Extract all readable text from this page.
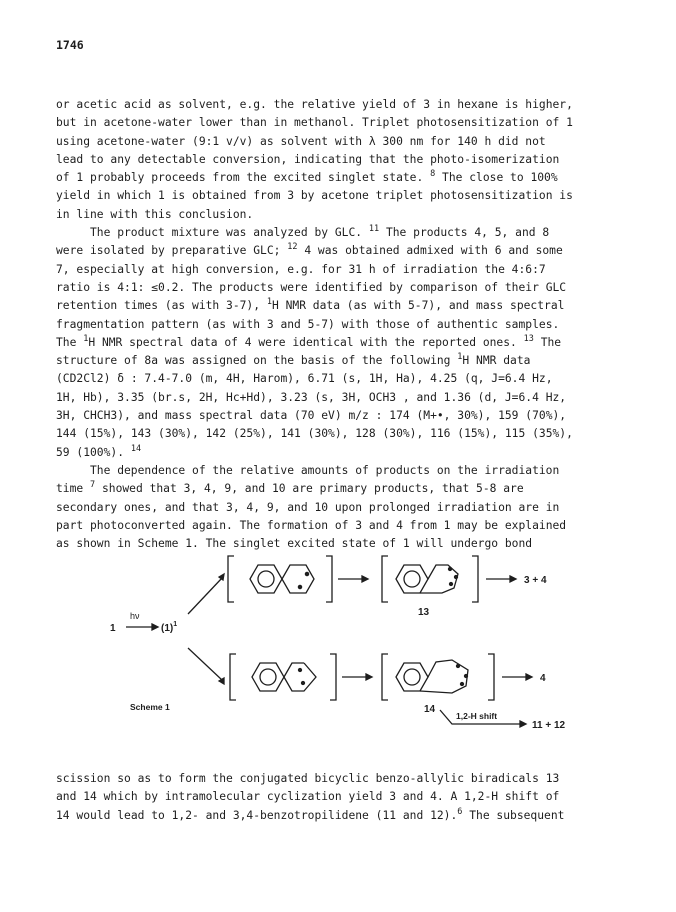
1746
or acetic acid as solvent, e.g. the relative yield of 3 in hexane is higher,
but in acetone-water lower than in methanol. Triplet photosensitization of 1
using acetone-water (9:1 v/v) as solvent with λ 300 nm for 140 h did not
lead to any detectable conversion, indicating that the photo-isomerization
of 1 probably proceeds from the excited singlet state. $^8$ The close to 100%
yield in which 1 is obtained from 3 by acetone triplet photosensitization is
in line with this conclusion.
The product mixture was analyzed by GLC. $^{11}$ The products 4, 5, and 8
were isolated by preparative GLC; $^{12}$ 4 was obtained admixed with 6 and some
7, especially at high conversion, e.g. for 31 h of irradiation the 4:6:7
ratio is 4:1: ≤0.2. The products were identified by comparison of their GLC
retention times (as with 3-7), $^1$H NMR data (as with 5-7), and mass spectral
fragmentation pattern (as with 3 and 5-7) with those of authentic samples.
The $^1$H NMR spectral data of 4 were identical with the reported ones. $^{13}$ The
structure of 8a was assigned on the basis of the following $^1$H NMR data
(CD2Cl2) δ : 7.4-7.0 (m, 4H, Harom), 6.71 (s, 1H, Ha), 4.25 (q, J=6.4 Hz,
1H, Hb), 3.35 (br.s, 2H, Hc+Hd), 3.23 (s, 3H, OCH3 , and 1.36 (d, J=6.4 Hz,
3H, CHCH3), and mass spectral data (70 eV) m/z : 174 (M+•, 30%), 159 (70%),
144 (15%), 143 (30%), 142 (25%), 141 (30%), 128 (30%), 116 (15%), 115 (35%),
59 (100%). $^{14}$
The dependence of the relative amounts of products on the irradiation
time $^7$ showed that 3, 4, 9, and 10 are primary products, that 5-8 are
secondary ones, and that 3, 4, 9, and 10 upon prolonged irradiation are in
part photoconverted again. The formation of 3 and 4 from 1 may be explained
as shown in Scheme 1. The singlet excited state of 1 will undergo bond
1
hν
$(1)^1$
3 + 4
13
4
14
1,2-H shift
11 + 12
Scheme 1
scission so as to form the conjugated bicyclic benzo-allylic biradicals 13
and 14 which by intramolecular cyclization yield 3 and 4. A 1,2-H shift of
14 would lead to 1,2- and 3,4-benzotropilidene (11 and 12).$^6$ The subsequent
